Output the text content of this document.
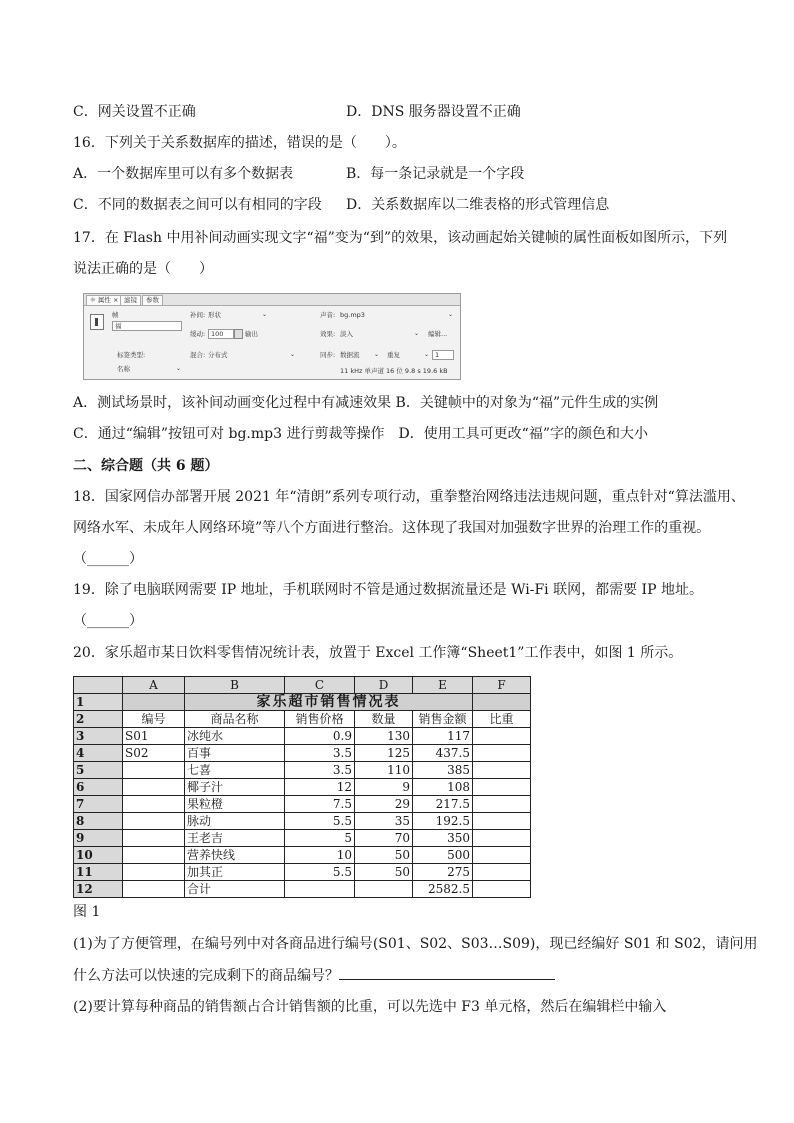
C．网关设置不正确	D．DNS 服务器设置不正确
16．下列关于关系数据库的描述，错误的是（　　）。
A．一个数据库里可以有多个数据表	B．每一条记录就是一个字段
C．不同的数据表之间可以有相同的字段 D．关系数据库以二维表格的形式管理信息
17．在 Flash 中用补间动画实现文字“福”变为“到”的效果，该动画起始关键帧的属性面板如图所示，下列
说法正确的是（　　）
☼ 属性 × 滤镜	参数
帧
福
补间: 形状	⌄
缓动: 100	输出
混合: 分布式	⌄
标签类型:
名称	⌄
声音: bg.mp3	⌄
效果: 淡入	⌄ 编辑...
同步: 数据流 ⌄ 重复	⌄ 1
11 kHz 单声道 16 位 9.8 s 19.6 kB
A．测试场景时，该补间动画变化过程中有减速效果 B．关键帧中的对象为“福”元件生成的实例
C．通过“编辑”按钮可对 bg.mp3 进行剪裁等操作　D．使用工具可更改“福”字的颜色和大小
二、综合题（共 6 题）
18．国家网信办部署开展 2021 年“清朗”系列专项行动，重拳整治网络违法违规问题，重点针对“算法滥用、
网络水军、未成年人网络环境”等八个方面进行整治。这体现了我国对加强数字世界的治理工作的重视。
（______）
19．除了电脑联网需要 IP 地址，手机联网时不管是通过数据流量还是 Wi-Fi 联网，都需要 IP 地址。
（______）
20．家乐超市某日饮料零售情况统计表，放置于 Excel 工作簿“Sheet1”工作表中，如图 1 所示。
	A	B	C	D	E	F
1		家乐超市销售情况表				
2	编号	商品名称	销售价格	数量	销售金额	比重
3	S01	冰纯水	0.9	130	117	
4	S02	百事	3.5	125	437.5	
5		七喜	3.5	110	385	
6		椰子汁	12	9	108	
7		果粒橙	7.5	29	217.5	
8		脉动	5.5	35	192.5	
9		王老吉	5	70	350	
10		营养快线	10	50	500	
11		加其正	5.5	50	275	
12		合计			2582.5	
图 1
(1)为了方便管理，在编号列中对各商品进行编号(S01、S02、S03…S09)，现已经编好 S01 和 S02，请问用
什么方法可以快速的完成剩下的商品编号？
(2)要计算每种商品的销售额占合计销售额的比重，可以先选中 F3 单元格，然后在编辑栏中输入
